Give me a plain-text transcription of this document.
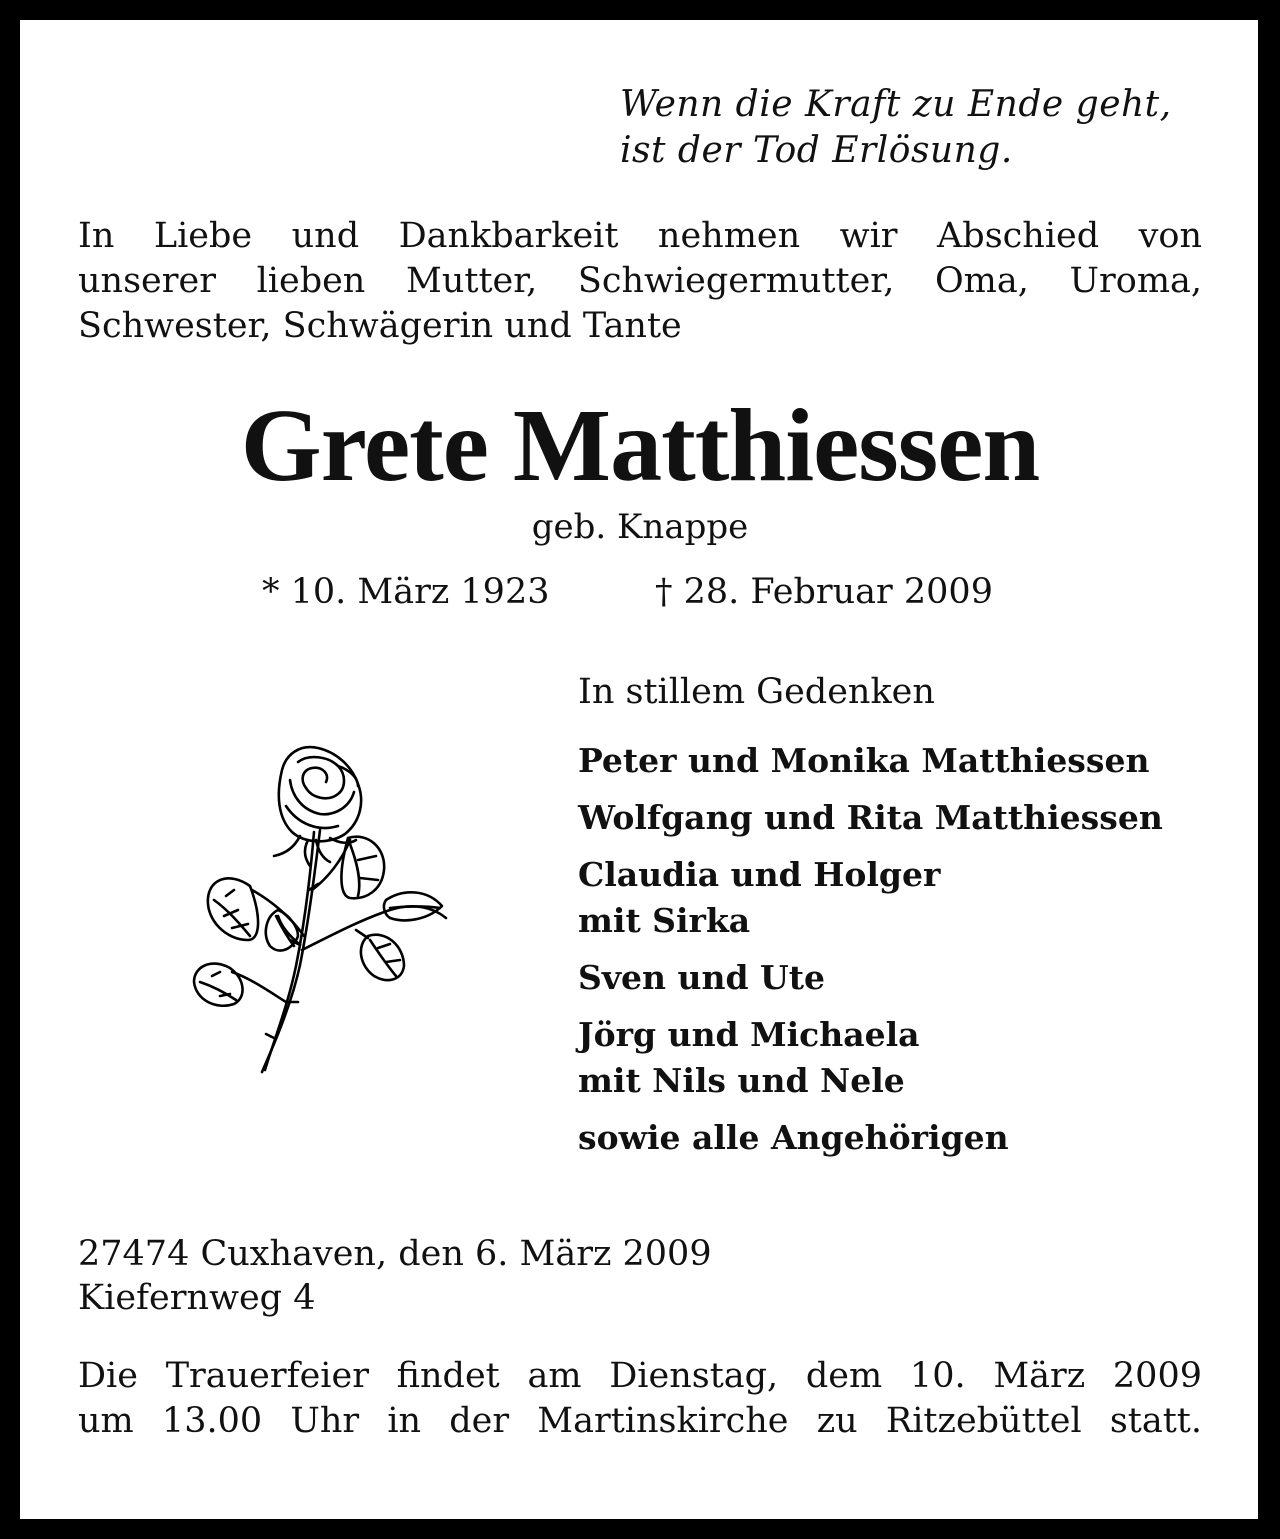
Wenn die Kraft zu Ende geht,
ist der Tod Erlösung.
In Liebe und Dankbarkeit nehmen wir Abschied von
unserer lieben Mutter, Schwiegermutter, Oma, Uroma,
Schwester, Schwägerin und Tante
Grete Matthiessen
geb. Knappe
* 10. März 1923	† 28. Februar 2009
In stillem Gedenken
Peter und Monika Matthiessen
Wolfgang und Rita Matthiessen
Claudia und Holger
mit Sirka
Sven und Ute
Jörg und Michaela
mit Nils und Nele
sowie alle Angehörigen
27474 Cuxhaven, den 6. März 2009
Kiefernweg 4
Die Trauerfeier findet am Dienstag, dem 10. März 2009
um 13.00 Uhr in der Martinskirche zu Ritzebüttel statt.
